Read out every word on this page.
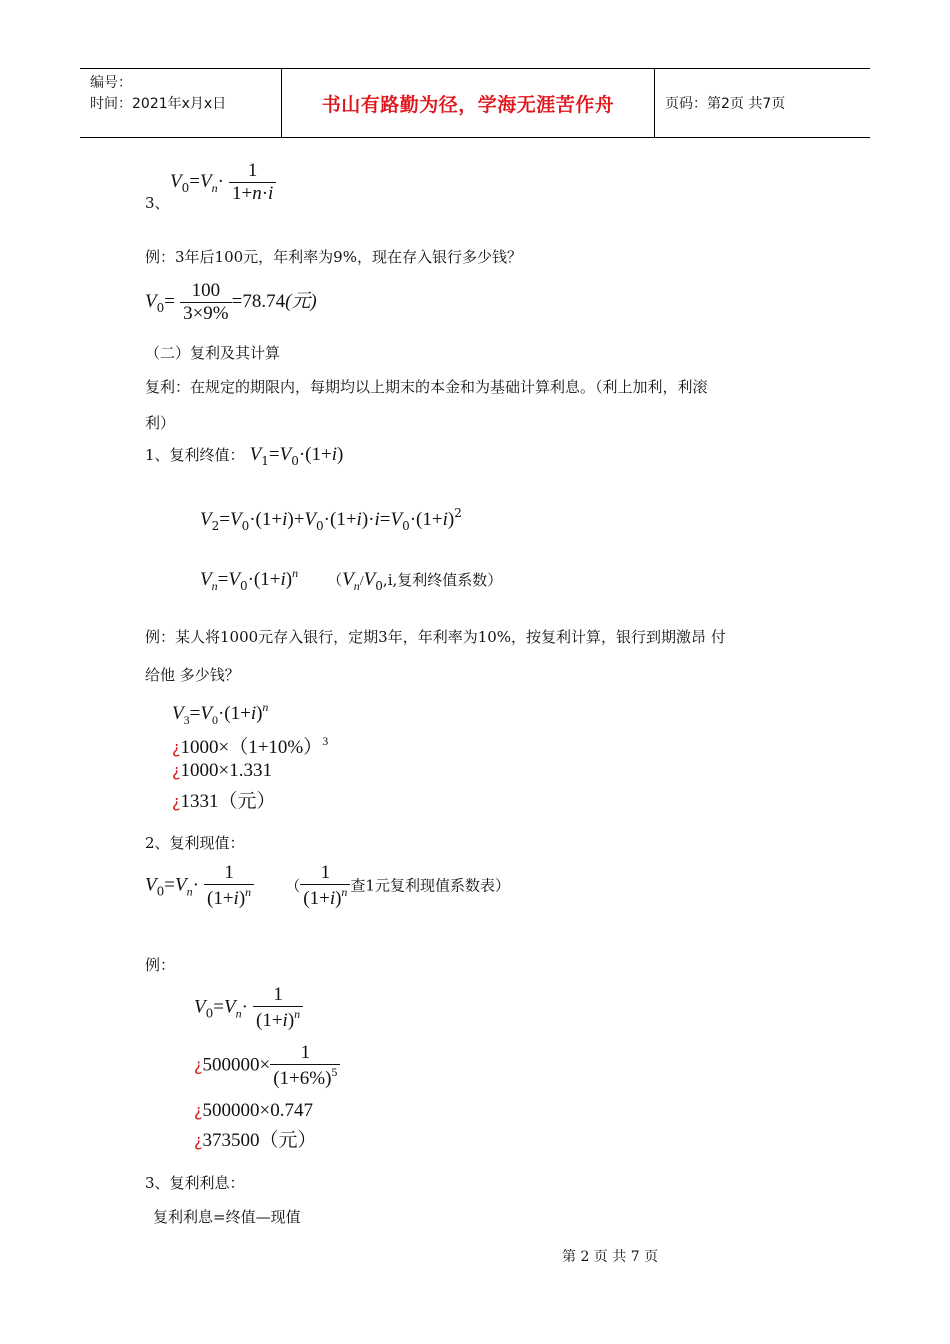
编号：
时间：2021年x月x日	书山有路勤为径，学海无涯苦作舟	页码：第2页 共7页
$V_0=V_n\cdot \frac{1}{1+n\cdot i}$
3、
例：3年后100元，年利率为9%，现在存入银行多少钱？
$V_0= \frac{100}{3\times 9\%} =78.74$(元)
（二）复利及其计算
复利：在规定的期限内，每期均以上期末的本金和为基础计算利息。（利上加利，利滚
利）
1、复利终值： $V_1=V_0\cdot(1+i)$
$V_2=V_0\cdot(1+i)+V_0\cdot(1+i)\cdot i=V_0\cdot(1+i)^2$
$V_n=V_0\cdot(1+i)^n$ （$V_n/V_0,i$,复利终值系数）
例：某人将1000元存入银行，定期3年，年利率为10%，按复利计算，银行到期激昂 付
给他 多少钱？
$V_3=V_0\cdot(1+i)^n$
¿$1000\times(1+10\%)^3$
¿1000×1.331
¿1331（元）
2、复利现值：
$V_0=V_n\cdot \frac{1}{(1+i)^n}$ （ $\frac{1}{(1+i)^n}$ 查1元复利现值系数表）
例：
$V_0=V_n\cdot \frac{1}{(1+i)^n}$
¿$500000\times \frac{1}{(1+6\%)^5}$
¿500000×0.747
¿373500（元）
3、复利利息：
复利利息=终值—现值
第 2 页 共 7 页
